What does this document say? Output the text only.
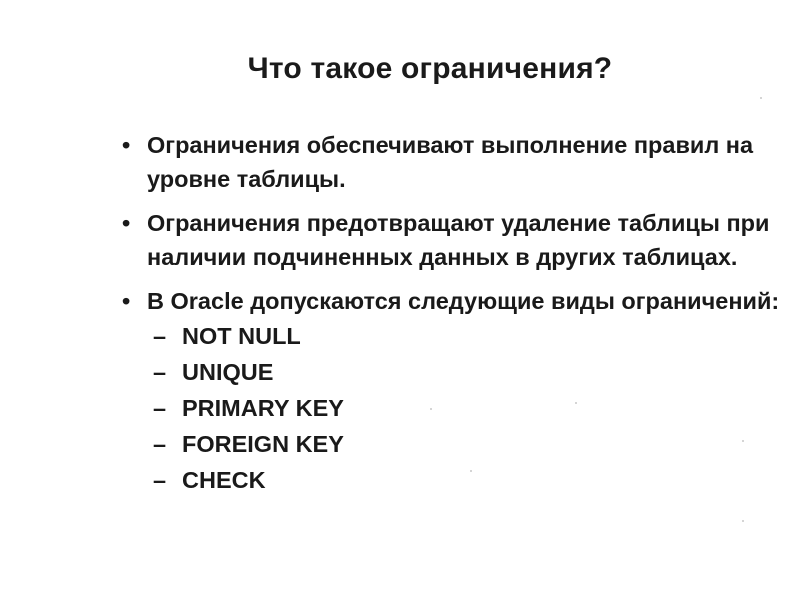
Что такое ограничения?
• Ограничения обеспечивают выполнение правил на уровне таблицы.
• Ограничения предотвращают удаление таблицы при наличии подчиненных данных в других таблицах.
• В Oracle допускаются следующие виды ограничений:
– NOT NULL
– UNIQUE
– PRIMARY KEY
– FOREIGN KEY
– CHECK
